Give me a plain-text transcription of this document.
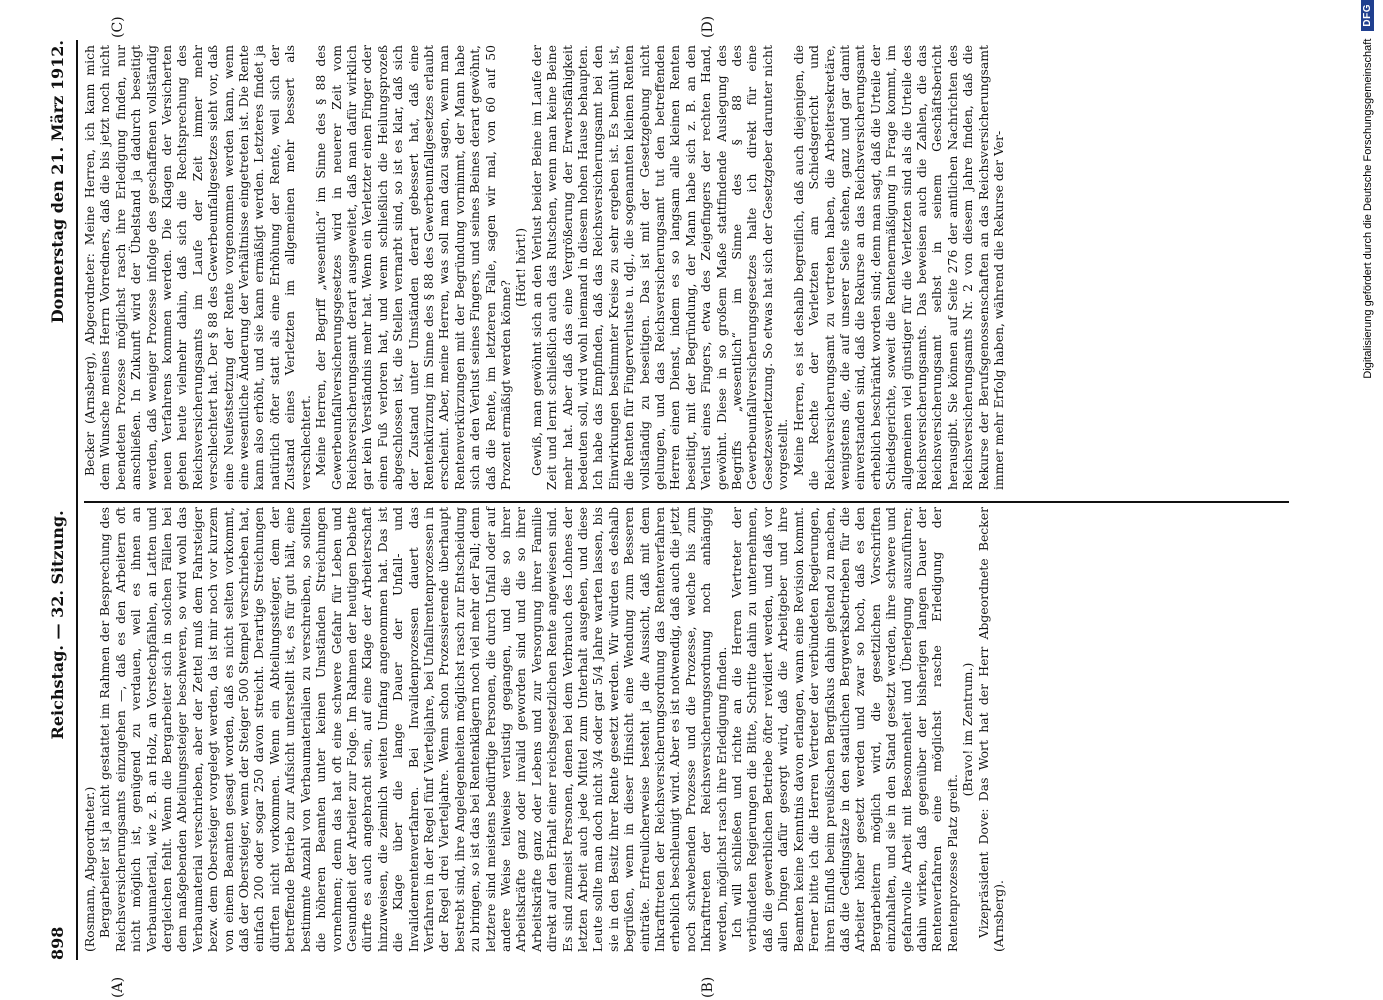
898
Reichstag. — 32. Sitzung.
Donnerstag den 21. März 1912.
(A)	(B)
(C)	(D)

(Rosmann, Abgeordneter.) Bergarbeiter ist ja nicht gestattet im Rahmen der Besprechung des Reichsversicherungsamts einzugehen —, daß es den Arbeitern oft nicht möglich ist, genügend zu verdauen, weil es ihnen an Verbaumaterial, wie z. B. an Holz, an Vorstechpfählen, an Latten und dergleichen fehlt. Wenn die Bergarbeiter sich in solchen Fällen bei dem maßgebenden Abteilungssteiger beschweren, so wird wohl das Verbaumaterial verschrieben, aber der Zettel muß dem Fahrsteiger bezw. dem Obersteiger vorgelegt werden, da ist mir noch vor kurzem von einem Beamten gesagt worden, daß es nicht selten vorkommt, daß der Obersteiger, wenn der Steiger 500 Stempel verschrieben hat, einfach 200 oder sogar 250 davon streicht. Derartige Streichungen dürften nicht vorkommen. Wenn ein Abteilungssteiger, dem der betreffende Betrieb zur Aufsicht unterstellt ist, es für gut hält, eine bestimmte Anzahl von Verbaumaterialien zu verschreiben, so sollten die höheren Beamten unter keinen Umständen Streichungen vornehmen; denn das hat oft eine schwere Gefahr für Leben und Gesundheit der Arbeiter zur Folge. Im Rahmen der heutigen Debatte dürfte es auch angebracht sein, auf eine Klage der Arbeiterschaft hinzuweisen, die ziemlich weiten Umfang angenommen hat. Das ist die Klage über die lange Dauer der Unfall- und Invalidenrentenverfahren. Bei Invalidenprozessen dauert das Verfahren in der Regel fünf Vierteljahre, bei Unfallrentenprozessen in der Regel drei Vierteljahre. Wenn schon Prozessierende überhaupt bestrebt sind, ihre Angelegenheiten möglichst rasch zur Entscheidung zu bringen, so ist das bei Rentenklägern noch viel mehr der Fall; denn letztere sind meistens bedürftige Personen, die durch Unfall oder auf andere Weise teilweise verlustig gegangen, und die so ihrer Arbeitskräfte ganz oder invalid geworden sind und die so ihrer Arbeitskräfte ganz oder Lebens und zur Versorgung ihrer Familie direkt auf den Erhalt einer reichsgesetzlichen Rente angewiesen sind. Es sind zumeist Personen, denen bei dem Verbrauch des Lohnes der letzten Arbeit auch jede Mittel zum Unterhalt ausgehen, und diese Leute sollte man doch nicht 3/4 oder gar 5/4 Jahre warten lassen, bis sie in den Besitz ihrer Rente gesetzt werden. Wir würden es deshalb begrüßen, wenn in dieser Hinsicht eine Wendung zum Besseren einträte. Erfreulicherweise besteht ja die Aussicht, daß mit dem Inkrafttreten der Reichsversicherungsordnung das Rentenverfahren erheblich beschleunigt wird. Aber es ist notwendig, daß auch die jetzt noch schwebenden Prozesse und die Prozesse, welche bis zum Inkrafttreten der Reichsversicherungsordnung noch anhängig werden, möglichst rasch ihre Erledigung finden. Ich will schließen und richte an die Herren Vertreter der verbündeten Regierungen die Bitte, Schritte dahin zu unternehmen, daß die gewerblichen Betriebe öfter revidiert werden, und daß vor allen Dingen dafür gesorgt wird, daß die Arbeitgeber und ihre Beamten keine Kenntnis davon erlangen, wann eine Revision kommt. Ferner bitte ich die Herren Vertreter der verbündeten Regierungen, ihren Einfluß beim preußischen Bergfiskus dahin geltend zu machen, daß die Gedingsätze in den staatlichen Bergwerksbetrieben für die Arbeiter höher gesetzt werden und zwar so hoch, daß es den Bergarbeitern möglich wird, die gesetzlichen Vorschriften einzuhalten, und sie in den Stand gesetzt werden, ihre schwere und gefahrvolle Arbeit mit Besonnenheit und Überlegung auszuführen; dahin wirken, daß gegenüber der bisherigen langen Dauer der Rentenverfahren eine möglichst rasche Erledigung der Rentenprozesse Platz greift.

(Bravo! im Zentrum.) Vizepräsident Dove: Das Wort hat der Herr Abgeordnete Becker (Arnsberg).

Becker (Arnsberg), Abgeordneter: Meine Herren, ich kann mich dem Wunsche meines Herrn Vorredners, daß die bis jetzt noch nicht beendeten Prozesse möglichst rasch ihre Erledigung finden, nur anschließen. In Zukunft wird der Übelstand ja dadurch beseitigt werden, daß weniger Prozesse infolge des geschaffenen vollständig neuen Verfahrens kommen werden. Die Klagen der Versicherten gehen heute vielmehr dahin, daß sich die Rechtsprechung des Reichsversicherungsamts im Laufe der Zeit immer mehr verschlechtert hat. Der § 88 des Gewerbeunfallgesetzes sieht vor, daß eine Neufestsetzung der Rente vorgenommen werden kann, wenn eine wesentliche Änderung der Verhältnisse eingetreten ist. Die Rente kann also erhöht, und sie kann ermäßigt werden. Letzteres findet ja natürlich öfter statt als eine Erhöhung der Rente, weil sich der Zustand eines Verletzten im allgemeinen mehr bessert als verschlechtert. Meine Herren, der Begriff „wesentlich“ im Sinne des § 88 des Gewerbeunfallversicherungsgesetzes wird in neuerer Zeit vom Reichsversicherungsamt derart ausgeweitet, daß man dafür wirklich gar kein Verständnis mehr hat. Wenn ein Verletzter einen Finger oder einen Fuß verloren hat, und wenn schließlich die Heilungsprozeß abgeschlossen ist, die Stellen vernarbt sind, so ist es klar, daß sich der Zustand unter Umständen derart gebessert hat, daß eine Rentenkürzung im Sinne des § 88 des Gewerbeunfallgesetzes erlaubt erscheint. Aber, meine Herren, was soll man dazu sagen, wenn man Rentenverkürzungen mit der Begründung vornimmt, der Mann habe sich an den Verlust seines Fingers, und seines Beines derart gewöhnt, daß die Rente, im letzteren Falle, sagen wir mal, von 60 auf 50 Prozent ermäßigt werden könne?

(Hört! hört!) Gewiß, man gewöhnt sich an den Verlust beider Beine im Laufe der Zeit und lernt schließlich auch das Rutschen, wenn man keine Beine mehr hat. Aber daß das eine Vergrößerung der Erwerbsfähigkeit bedeuten soll, wird wohl niemand in diesem hohen Hause behaupten. Ich habe das Empfinden, daß das Reichsversicherungsamt bei den Einwirkungen bestimmter Kreise zu sehr ergeben ist. Es bemüht ist, die Renten für Fingerverluste u. dgl., die sogenannten kleinen Renten vollständig zu beseitigen. Das ist mit der Gesetzgebung nicht gelungen, und das Reichsversicherungsamt tut den betreffenden Herren einen Dienst, indem es so langsam alle kleinen Renten beseitigt, mit der Begründung, der Mann habe sich z. B. an den Verlust eines Fingers, etwa des Zeigefingers der rechten Hand, gewöhnt. Diese in so großem Maße stattfindende Auslegung des Begriffs „wesentlich“ im Sinne des § 88 des Gewerbeunfallversicherungsgesetzes halte ich direkt für eine Gesetzesverletzung. So etwas hat sich der Gesetzgeber darunter nicht vorgestellt. Meine Herren, es ist deshalb begreiflich, daß auch diejenigen, die die Rechte der Verletzten am Schiedsgericht und Reichsversicherungsamt zu vertreten haben, die Arbeitersekretäre, wenigstens die, die auf unserer Seite stehen, ganz und gar damit einverstanden sind, daß die Rekurse an das Reichsversicherungsamt erheblich beschränkt worden sind; denn man sagt, daß die Urteile der Schiedsgerichte, soweit die Rentenermäßigung in Frage kommt, im allgemeinen viel günstiger für die Verletzten sind als die Urteile des Reichsversicherungsamts. Das beweisen auch die Zahlen, die das Reichsversicherungsamt selbst in seinem Geschäftsbericht herausgibt. Sie können auf Seite 276 der amtlichen Nachrichten des Reichsversicherungsamts Nr. 2 von diesem Jahre finden, daß die Rekurse der Berufsgenossenschaften an das Reichsversicherungsamt immer mehr Erfolg haben, während die Rekurse der Ver-	Digitalisierung gefördert durch die Deutsche Forschungsgemeinschaft
DFG
